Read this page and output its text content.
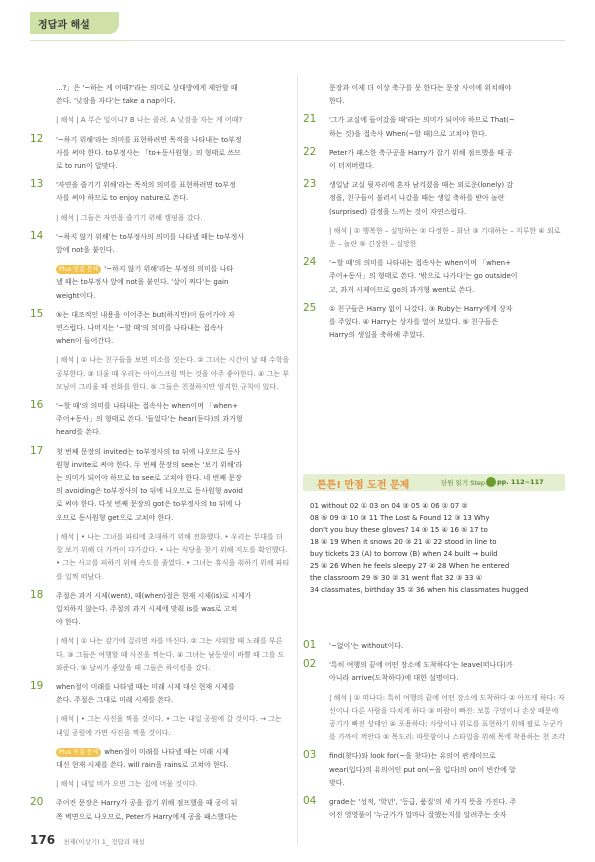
정답과 해설
...?」은 '~하는 게 어때?'라는 의미로 상대방에게 제안할 때
쓴다. '낮잠을 자다'는 take a nap이다.
| 해석 | A 무슨 일이니? B 나는 졸려. A 낮잠을 자는 게 어때?
12 '~하기 위해'라는 의미를 표현하려면 목적을 나타내는 to부정
사를 써야 한다. to부정사는 「to+동사원형」의 형태로 쓰므
로 to run이 알맞다.
13 '자연을 즐기기 위해'라는 목적의 의미를 표현하려면 to부정
사를 써야 하므로 to enjoy nature로 쓴다.
| 해석 | 그들은 자연을 즐기기 위해 캠핑을 갔다.
14 '~하지 않기 위해'는 to부정사의 의미를 나타낼 때는 to부정사
앞에 not을 붙인다.
Plus 연결 문제 '~하지 않기 위해'라는 부정의 의미를 나타
낼 때는 to부정사 앞에 not을 붙인다. '살이 찌다'는 gain
weight이다.
15 ⑤는 대조적인 내용을 이어주는 but(하지만)이 들어가야 자
연스럽다. 나머지는 '~할 때'의 의미를 나타내는 접속사
when이 들어간다.
| 해석 | ① 나는 친구들을 보면 미소를 짓는다. ② 그녀는 시간이 날 때 수학을 공부한다. ③ 더울 때 우리는 아이스크림 먹는 것을 아주 좋아한다. ④ 그는 부모님이 그리울 때 전화를 한다. ⑤ 그들은 친절하지만 엄격한 규칙이 있다.
16 '~할 때'의 의미를 나타내는 접속사는 when이며 「when+
주어+동사」의 형태로 쓴다. '들었다'는 hear(듣다)의 과거형
heard를 쓴다.
17 첫 번째 문장의 invited는 to부정사의 to 뒤에 나오므로 동사
원형 invite로 써야 한다. 두 번째 문장의 see는 '보기 위해'라
는 의미가 되어야 하므로 to see로 고쳐야 한다. 네 번째 문장
의 avoiding은 to부정사의 to 뒤에 나오므로 동사원형 avoid
로 써야 한다. 다섯 번째 문장의 got은 to부정사의 to 뒤에 나
오므로 동사원형 get으로 고쳐야 한다.
| 해석 | • 나는 그녀를 파티에 초대하기 위해 전화했다. • 우리는 무대를 더 잘 보기 위해 더 가까이 다가갔다. • 나는 식당을 찾기 위해 지도를 확인했다. • 그는 사고를 피하기 위해 속도를 줄였다. • 그녀는 휴식을 취하기 위해 파티를 일찍 떠났다.
18 주절은 과거 시제(went), 때(when)절은 현재 시제(is)로 시제가
일치하지 않는다. 주절의 과거 시제에 맞춰 is를 was로 고쳐
야 한다.
| 해석 | ① 나는 감기에 걸리면 차를 마신다. ② 그는 샤워할 때 노래를 부른다. ③ 그들은 여행할 때 사진을 찍는다. ④ 그녀는 남동생이 바쁠 때 그를 도와준다. ⑤ 날씨가 좋았을 때 그들은 하이킹을 갔다.
19 when절이 미래를 나타낼 때는 미래 시제 대신 현재 시제를
쓴다. 주절은 그대로 미래 시제를 쓴다.
| 해석 | • 그는 사진을 찍을 것이다. • 그는 내일 공원에 갈 것이다. → 그는 내일 공원에 가면 사진을 찍을 것이다.
Plus 연결 문제 when절이 미래를 나타낼 때는 미래 시제
대신 현재 시제를 쓴다. will rain을 rains로 고쳐야 한다.
| 해석 | 내일 비가 오면 그는 집에 머물 것이다.
20 주어진 문장은 Harry가 공을 잡기 위해 점프했을 때 공이 뒤
쪽 벽면으로 나오므로, Peter가 Harry에게 공을 패스했다는
문장과 이제 더 이상 축구를 못 한다는 문장 사이에 위치해야
한다.
21 '그가 교실에 들어갔을 때'라는 의미가 되어야 하므로 That(~
하는 것)을 접속사 When(~할 때)으로 고쳐야 한다.
22 Peter가 패스한 축구공을 Harry가 잡기 위해 점프했을 때 공
이 터져버렸다.
23 생일날 교실 뒷자리에 혼자 남겨졌을 때는 외로운(lonely) 감
정을, 친구들이 불러서 나갔을 때는 생일 축하를 받아 놀란
(surprised) 감정을 느끼는 것이 자연스럽다.
| 해석 | ① 행복한 – 실망하는 ② 다정한 – 화난 ③ 기대하는 – 지루한 ④ 외로운 – 놀란 ⑤ 긴장한 – 실망한
24 '~할 때'의 의미를 나타내는 접속사는 when이며 「when+
주어+동사」의 형태로 쓴다. '밖으로 나가다'는 go outside이
고, 과거 시제이므로 go의 과거형 went로 쓴다.
25 ① 친구들은 Harry 없이 나갔다. ③ Ruby는 Harry에게 상자
를 주었다. ④ Harry는 상자를 열어 보았다. ⑤ 친구들은
Harry의 생일을 축하해 주었다.
튼튼! 만점 도전 문제	단원 읽기 Step pp. 112~117
01 without 02 ① 03 on 04 ③ 05 ④ 06 ② 07 ②
08 ⑤ 09 ③ 10 ③ 11 The Lost & Found 12 ③ 13 Why
don't you buy these gloves? 14 ⑤ 15 ④ 16 ⑤ 17 to
18 ④ 19 When it snows 20 ③ 21 ④ 22 stood in line to
buy tickets 23 (A) to borrow (B) when 24 built → build
25 ④ 26 When he feels sleepy 27 ④ 28 When he entered
the classroom 29 ⑤ 30 ② 31 went flat 32 ③ 33 ④
34 classmates, birthday 35 ② 36 when his classmates hugged
01 '~없이'는 without이다.
02 '특히 여행의 끝에 어떤 장소에 도착하다'는 leave(떠나다)가
아니라 arrive(도착하다)에 대한 설명이다.
| 해석 | ① 떠나다: 특히 여행의 끝에 어떤 장소에 도착하다 ② 아프게 하다: 자신이나 다른 사람을 다치게 하다 ③ 바람이 빠진: 보통 구멍이나 손상 때문에 공기가 빠진 상태인 ④ 포용하다: 사랑이나 위로를 표현하기 위해 팔로 누군가를 가까이 껴안다 ⑤ 목도리: 따뜻함이나 스타일을 위해 목에 착용하는 천 조각
03 find(찾다)와 look for(~을 찾다)는 유의어 관계이므로
wear(입다)의 유의어인 put on(~을 입다)의 on이 빈칸에 알
맞다.
04 grade는 '성적, '학년', '등급, 품질'의 세 가지 뜻을 가진다. 주
어진 영영풀이 '누군가가 얼마나 잘했는지를 알려주는 숫자
176 천재(이상기) 1_ 정답과 해설
